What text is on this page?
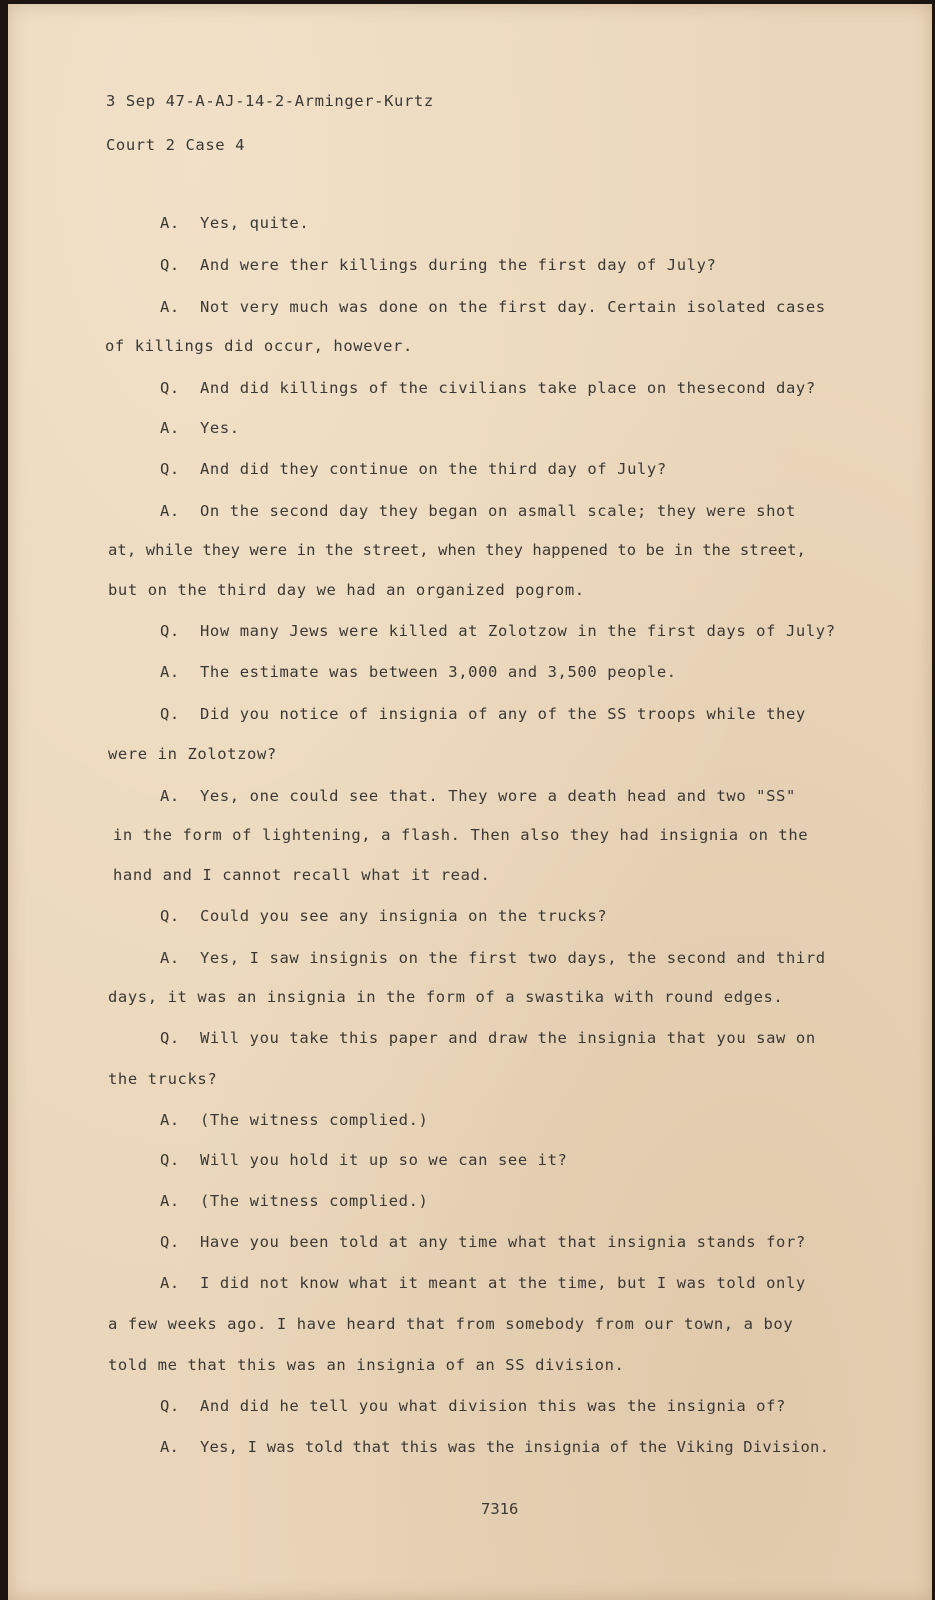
3 Sep 47-A-AJ-14-2-Arminger-Kurtz
Court 2 Case 4
A. Yes, quite.
Q. And were ther killings during the first day of July?
A. Not very much was done on the first day. Certain isolated cases
of killings did occur, however.
Q. And did killings of the civilians take place on thesecond day?
A. Yes.
Q. And did they continue on the third day of July?
A. On the second day they began on asmall scale; they were shot
at, while they were in the street, when they happened to be in the street,
but on the third day we had an organized pogrom.
Q. How many Jews were killed at Zolotzow in the first days of July?
A. The estimate was between 3,000 and 3,500 people.
Q. Did you notice of insignia of any of the SS troops while they
were in Zolotzow?
A. Yes, one could see that. They wore a death head and two "SS"
in the form of lightening, a flash. Then also they had insignia on the
hand and I cannot recall what it read.
Q. Could you see any insignia on the trucks?
A. Yes, I saw insignis on the first two days, the second and third
days, it was an insignia in the form of a swastika with round edges.
Q. Will you take this paper and draw the insignia that you saw on
the trucks?
A. (The witness complied.)
Q. Will you hold it up so we can see it?
A. (The witness complied.)
Q. Have you been told at any time what that insignia stands for?
A. I did not know what it meant at the time, but I was told only
a few weeks ago. I have heard that from somebody from our town, a boy
told me that this was an insignia of an SS division.
Q. And did he tell you what division this was the insignia of?
A. Yes, I was told that this was the insignia of the Viking Division.
7316
